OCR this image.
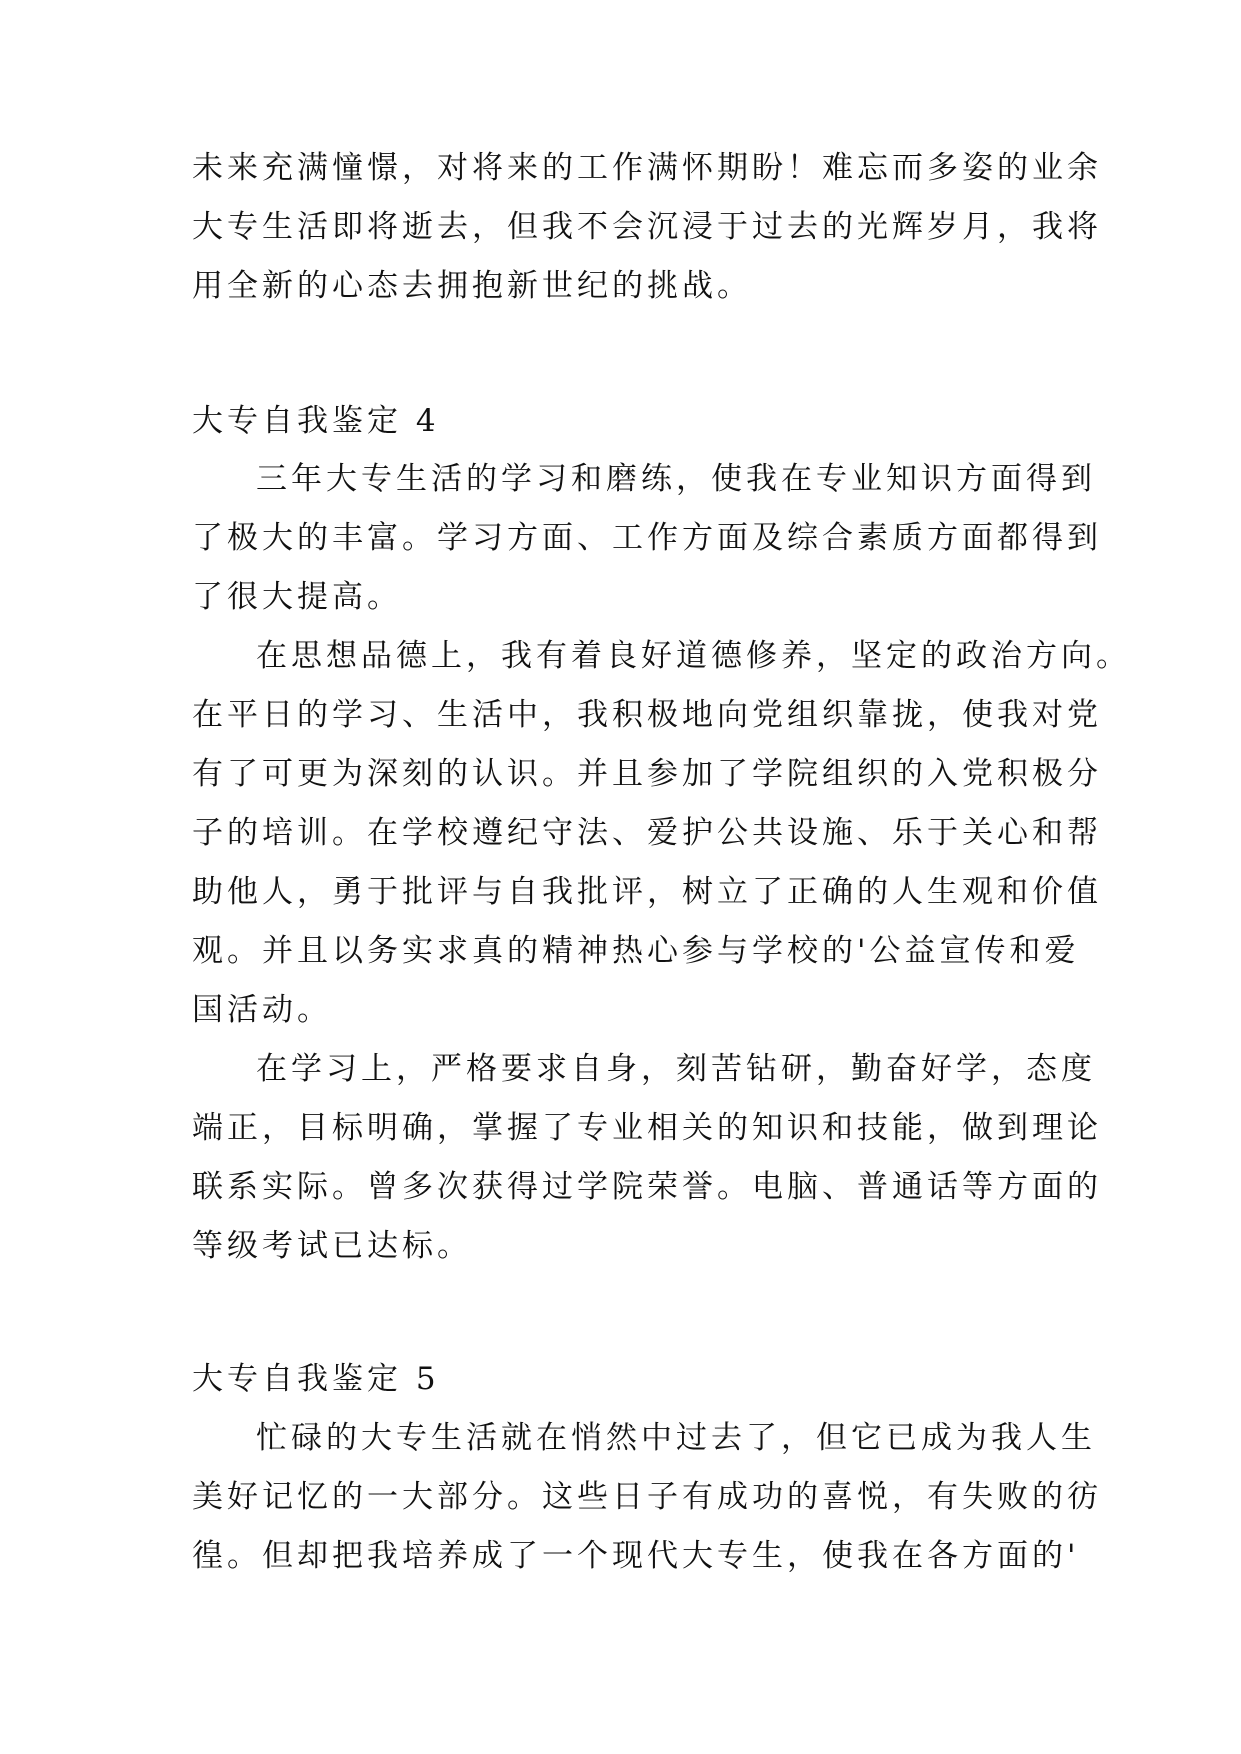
未来充满憧憬，对将来的工作满怀期盼！难忘而多姿的业余
大专生活即将逝去，但我不会沉浸于过去的光辉岁月，我将
用全新的心态去拥抱新世纪的挑战。
大专自我鉴定 4
三年大专生活的学习和磨练，使我在专业知识方面得到
了极大的丰富。学习方面、工作方面及综合素质方面都得到
了很大提高。
在思想品德上，我有着良好道德修养，坚定的政治方向。
在平日的学习、生活中，我积极地向党组织靠拢，使我对党
有了可更为深刻的认识。并且参加了学院组织的入党积极分
子的培训。在学校遵纪守法、爱护公共设施、乐于关心和帮
助他人，勇于批评与自我批评，树立了正确的人生观和价值
观。并且以务实求真的精神热心参与学校的'公益宣传和爱
国活动。
在学习上，严格要求自身，刻苦钻研，勤奋好学，态度
端正，目标明确，掌握了专业相关的知识和技能，做到理论
联系实际。曾多次获得过学院荣誉。电脑、普通话等方面的
等级考试已达标。
大专自我鉴定 5
忙碌的大专生活就在悄然中过去了，但它已成为我人生
美好记忆的一大部分。这些日子有成功的喜悦，有失败的彷
徨。但却把我培养成了一个现代大专生，使我在各方面的'
